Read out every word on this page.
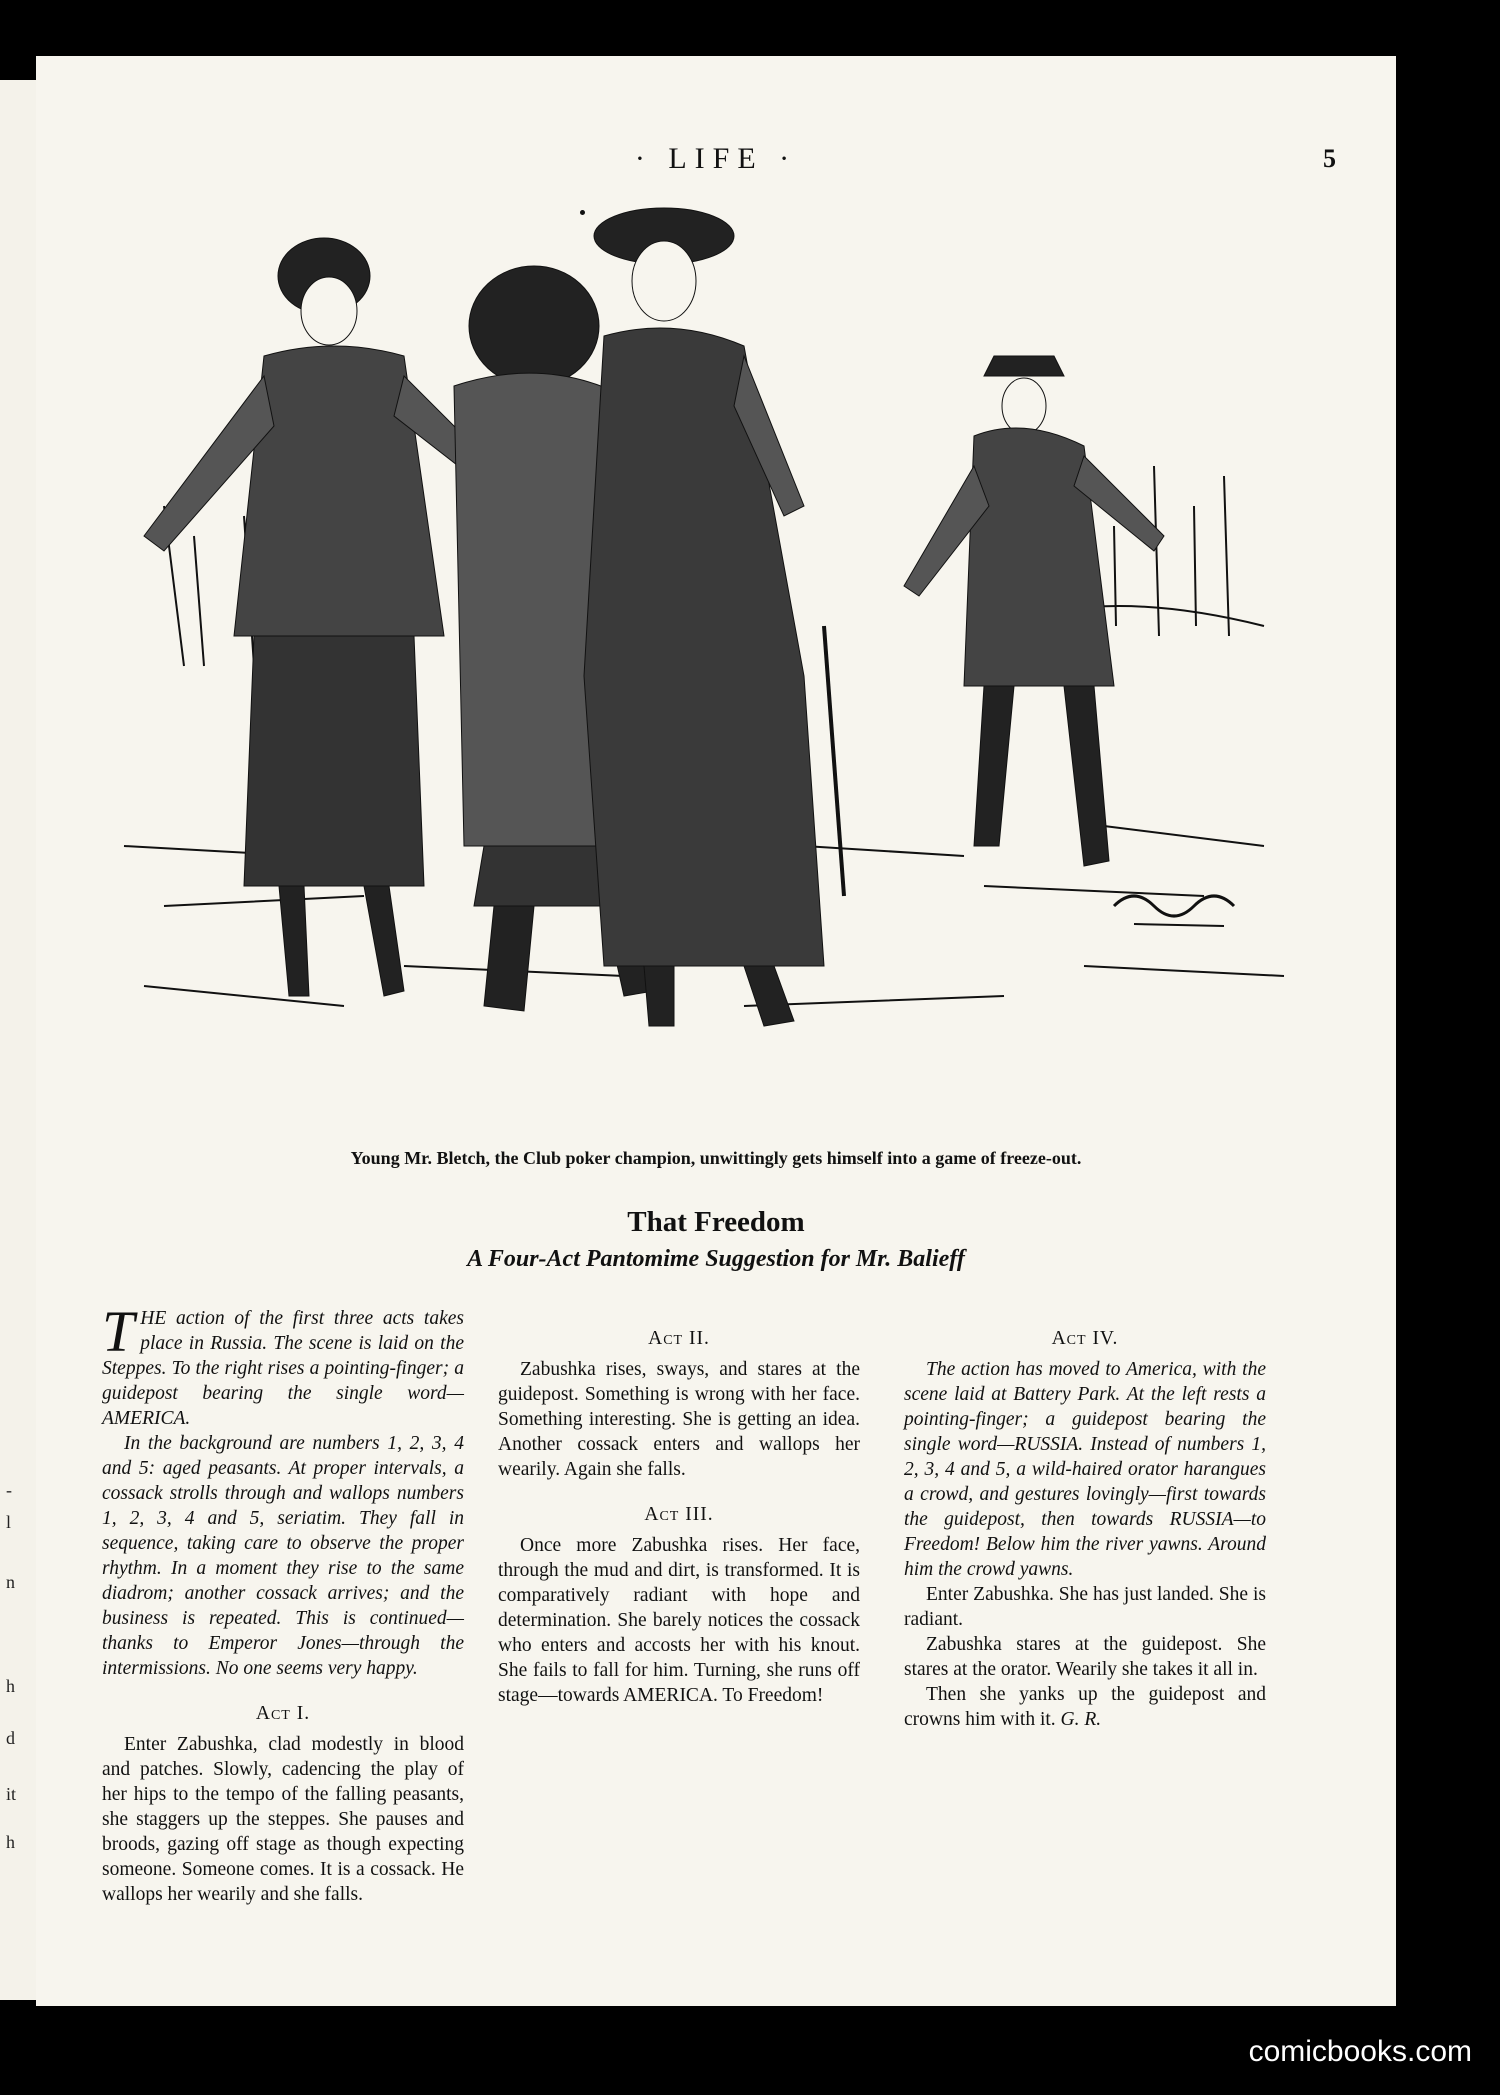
-
l
n
h
d
it
h
· LIFE ·	5
Young Mr. Bletch, the Club poker champion, unwittingly gets himself into a game of freeze-out.
That Freedom
A Four-Act Pantomime Suggestion for Mr. Balieff

THE action of the first three acts takes place in Russia. The scene is laid on the Steppes. To the right rises a pointing-finger; a guidepost bearing the single word—AMERICA.

In the background are numbers 1, 2, 3, 4 and 5: aged peasants. At proper intervals, a cossack strolls through and wallops numbers 1, 2, 3, 4 and 5, seriatim. They fall in sequence, taking care to observe the proper rhythm. In a moment they rise to the same diadrom; another cossack arrives; and the business is repeated. This is continued—thanks to Emperor Jones—through the intermissions. No one seems very happy.

Act I.

Enter Zabushka, clad modestly in blood and patches. Slowly, cadencing the play of her hips to the tempo of the falling peasants, she staggers up the steppes. She pauses and broods, gazing off stage as though expecting someone. Someone comes. It is a cossack. He wallops her wearily and she falls.

Act II.

Zabushka rises, sways, and stares at the guidepost. Something is wrong with her face. Something interesting. She is getting an idea. Another cossack enters and wallops her wearily. Again she falls.

Act III.

Once more Zabushka rises. Her face, through the mud and dirt, is transformed. It is comparatively radiant with hope and determination. She barely notices the cossack who enters and accosts her with his knout. She fails to fall for him. Turning, she runs off stage—towards AMERICA. To Freedom!

Act IV.

The action has moved to America, with the scene laid at Battery Park. At the left rests a pointing-finger; a guidepost bearing the single word—RUSSIA. Instead of numbers 1, 2, 3, 4 and 5, a wild-haired orator harangues a crowd, and gestures lovingly—first towards the guidepost, then towards RUSSIA—to Freedom! Below him the river yawns. Around him the crowd yawns.

Enter Zabushka. She has just landed. She is radiant.

Zabushka stares at the guidepost. She stares at the orator. Wearily she takes it all in.

Then she yanks up the guidepost and crowns him with it. G. R.

comicbooks.com
